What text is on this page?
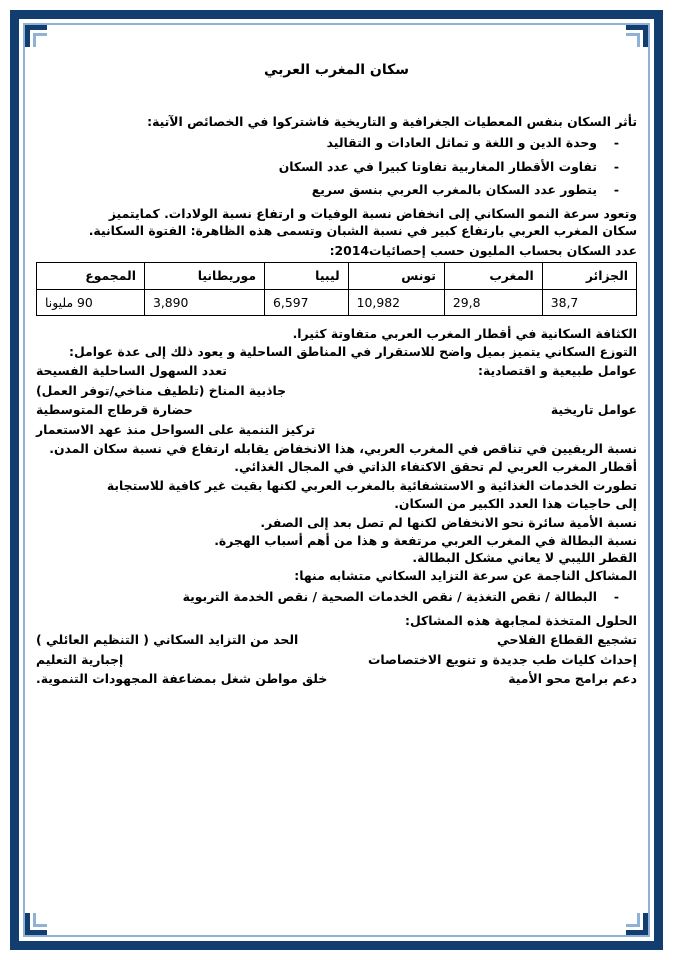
سكان المغرب العربي
تأثر السكان بنفس المعطيات الجغرافية و التاريخية فاشتركوا في الخصائص الآتية:
- وحدة الدين و اللغة و تماثل العادات و التقاليد
- تفاوت الأقطار المغاربية تفاوتا كبيرا في عدد السكان
- يتطور عدد السكان بالمغرب العربي بنسق سريع
وتعود سرعة النمو السكاني إلى انخفاض نسبة الوفيات و ارتفاع نسبة الولادات. كمايتميز
سكان المغرب العربي بارتفاع كبير في نسبة الشبان وتسمى هذه الظاهرة: الفتوة السكانية.
عدد السكان بحساب المليون حسب إحصائيات2014:
الجزائر	المغرب	تونس	ليبيا	موريطانيا	المجموع
38,7	29,8	10,982	6,597	3,890	90 مليونا
الكثافة السكانية في أقطار المغرب العربي متفاوتة كثيرا.
التوزع السكاني يتميز بميل واضح للاستقرار في المناطق الساحلية و يعود ذلك إلى عدة عوامل:
عوامل طبيعية و اقتصادية:
تعدد السهول الساحلية الفسيحة
جاذبية المناخ (تلطيف مناخي/توفر العمل)
عوامل تاريخية
حضارة قرطاج المتوسطية
تركيز التنمية على السواحل منذ عهد الاستعمار
نسبة الريفيين في تناقص في المغرب العربي، هذا الانخفاض يقابله ارتفاع في نسبة سكان المدن.
أقطار المغرب العربي لم تحقق الاكتفاء الذاتي في المجال الغذائي.
تطورت الخدمات الغذائية و الاستشفائية بالمغرب العربي لكنها بقيت غير كافية للاستجابة
إلى حاجيات هذا العدد الكبير من السكان.
نسبة الأمية سائرة نحو الانخفاض لكنها لم تصل بعد إلى الصفر.
نسبة البطالة في المغرب العربي مرتفعة و هذا من أهم أسباب الهجرة.
القطر الليبي لا يعاني مشكل البطالة.
المشاكل الناجمة عن سرعة التزايد السكاني متشابه منها:
- البطالة / نقص التغذية / نقص الخدمات الصحية / نقص الخدمة التربوية
الحلول المتخذة لمجابهة هذه المشاكل:
تشجيع القطاع الفلاحي
الحد من التزايد السكاني ( التنظيم العائلي )
إحداث كليات طب جديدة و تنويع الاختصاصات
إجبارية التعليم
دعم برامج محو الأمية
خلق مواطن شغل بمضاعفة المجهودات التنموية.
